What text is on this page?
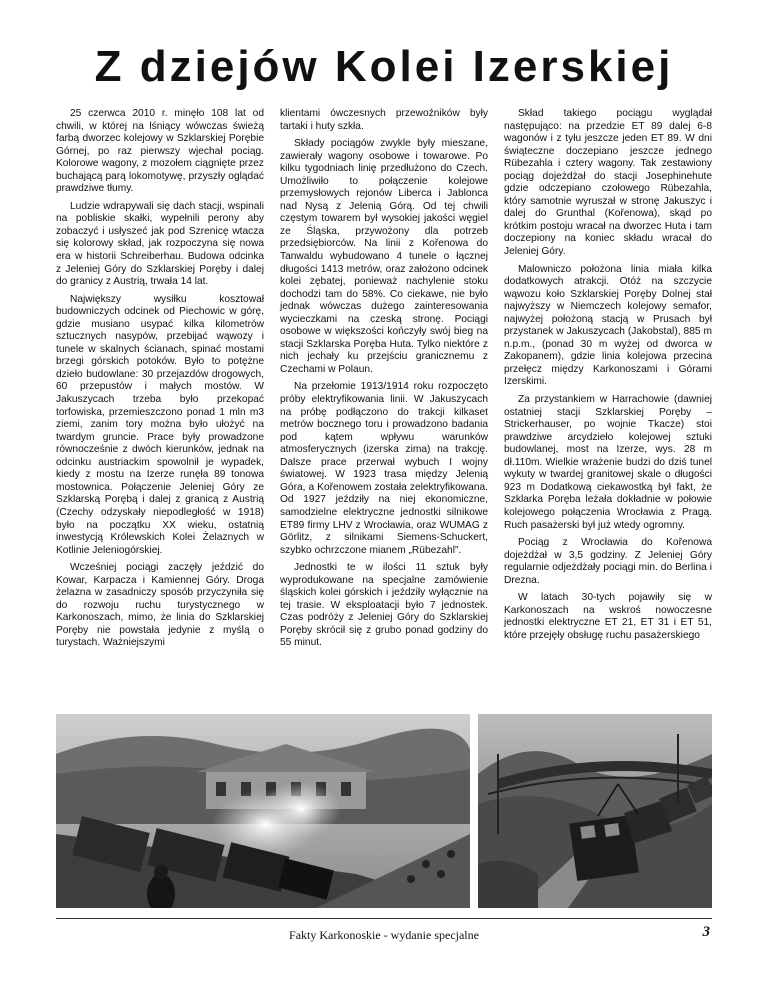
Z dziejów Kolei Izerskiej

25 czerwca 2010 r. minęło 108 lat od chwili, w której na lśniący wówczas świeżą farbą dworzec kolejowy w Szklarskiej Porębie Górnej, po raz pierwszy wjechał pociąg. Kolorowe wagony, z mozołem ciągnięte przez buchającą parą lokomotywę, przyszły oglądać prawdziwe tłumy.

Ludzie wdrapywali się dach stacji, wspinali na pobliskie skałki, wypełnili perony aby zobaczyć i usłyszeć jak pod Szrenicę wtacza się kolorowy skład, jak rozpoczyna się nowa era w historii Schreiberhau. Budowa odcinka z Jeleniej Góry do Szklarskiej Poręby i dalej do granicy z Austrią, trwała 14 lat.

Największy wysiłku kosztował budowniczych odcinek od Piechowic w górę, gdzie musiano usypać kilka kilometrów sztucznych nasypów, przebijać wąwozy i tunele w skalnych ścianach, spinać mostami brzegi górskich potoków. Było to potężne dzieło budowlane: 30 przejazdów drogowych, 60 przepustów i małych mostów. W Jakuszycach trzeba było przekopać torfowiska, przemieszczono ponad 1 mln m3 ziemi, zanim tory można było ułożyć na twardym gruncie. Prace były prowadzone równocześnie z dwóch kierunków, jednak na odcinku austriackim spowolnił je wypadek, kiedy z mostu na Izerze runęła 89 tonowa mostownica. Połączenie Jeleniej Góry ze Szklarską Porębą i dalej z granicą z Austrią (Czechy odzyskały niepodległość w 1918) było na początku XX wieku, ostatnią inwestycją Królewskich Kolei Żelaznych w Kotlinie Jeleniogórskiej.

Wcześniej pociągi zaczęły jeździć do Kowar, Karpacza i Kamiennej Góry. Droga żelazna w zasadniczy sposób przyczyniła się do rozwoju ruchu turystycznego w Karkonoszach, mimo, że linia do Szklarskiej Poręby nie powstała jedynie z myślą o turystach. Ważniejszymi

klientami ówczesnych przewoźników były tartaki i huty szkła.

Składy pociągów zwykle były mieszane, zawierały wagony osobowe i towarowe. Po kilku tygodniach linię przedłużono do Czech. Umożliwiło to połączenie kolejowe przemysłowych rejonów Liberca i Jablonca nad Nysą z Jelenią Górą. Od tej chwili częstym towarem był wysokiej jakości węgiel ze Śląska, przywożony dla potrzeb przedsiębiorców. Na linii z Kořenowa do Tanwaldu wybudowano 4 tunele o łącznej długości 1413 metrów, oraz założono odcinek kolei zębatej, ponieważ nachylenie stoku dochodzi tam do 58%. Co ciekawe, nie było jednak wówczas dużego zainteresowania wycieczkami na czeską stronę. Pociągi osobowe w większości kończyły swój bieg na stacji Szklarska Poręba Huta. Tylko niektóre z nich jechały ku przejściu granicznemu z Czechami w Polaun.

Na przełomie 1913/1914 roku rozpoczęto próby elektryfikowania linii. W Jakuszycach na próbę podłączono do trakcji kilkaset metrów bocznego toru i prowadzono badania pod kątem wpływu warunków atmosferycznych (izerska zima) na trakcję. Dalsze prace przerwał wybuch I wojny światowej. W 1923 trasa między Jelenią Góra, a Kořenowem została zelektryfikowana. Od 1927 jeździły na niej ekonomiczne, samodzielne elektryczne jednostki silnikowe ET89 firmy LHV z Wrocławia, oraz WUMAG z Görlitz, z silnikami Siemens-Schuckert, szybko ochrzczone mianem „Rübezahl”.

Jednostki te w ilości 11 sztuk były wyprodukowane na specjalne zamówienie śląskich kolei górskich i jeździły wyłącznie na tej trasie. W eksploatacji było 7 jednostek. Czas podróży z Jeleniej Góry do Szklarskiej Poręby skrócił się z grubo ponad godziny do 55 minut.

Skład takiego pociągu wyglądał następująco: na przedzie ET 89 dalej 6-8 wagonów i z tyłu jeszcze jeden ET 89. W dni świąteczne doczepiano jeszcze jednego Rübezahla i cztery wagony. Tak zestawiony pociąg dojeżdżał do stacji Josephinehute gdzie odczepiano czołowego Rübezahla, który samotnie wyruszał w stronę Jakuszyc i dalej do Grunthal (Kořenowa), skąd po krótkim postoju wracał na dworzec Huta i tam doczepiony na koniec składu wracał do Jeleniej Góry.

Malowniczo położona linia miała kilka dodatkowych atrakcji. Otóż na szczycie wąwozu koło Szklarskiej Poręby Dolnej stał najwyższy w Niemczech kolejowy semafor, najwyżej położoną stacją w Prusach był przystanek w Jakuszycach (Jakobstal), 885 m n.p.m., (ponad 30 m wyżej od dworca w Zakopanem), gdzie linia kolejowa przecina przełęcz między Karkonoszami i Górami Izerskimi.

Za przystankiem w Harrachowie (dawniej ostatniej stacji Szklarskiej Poręby – Strickerhauser, po wojnie Tkacze) stoi prawdziwe arcydzieło kolejowej sztuki budowlanej, most na Izerze, wys. 28 m dł.110m. Wielkie wrażenie budzi do dziś tunel wykuty w twardej granitowej skale o długości 923 m Dodatkową ciekawostką był fakt, że Szklarka Poręba leżała dokładnie w połowie kolejowego połączenia Wrocławia z Pragą. Ruch pasażerski był już wtedy ogromny.

Pociąg z Wrocławia do Kořenowa dojeżdżał w 3,5 godziny. Z Jeleniej Góry regularnie odjeżdżały pociągi min. do Berlina i Drezna.

W latach 30-tych pojawiły się w Karkonoszach na wskroś nowoczesne jednostki elektryczne ET 21, ET 31 i ET 51, które przejęły obsługę ruchu pasażerskiego

Fakty Karkonoskie - wydanie specjalne	3
